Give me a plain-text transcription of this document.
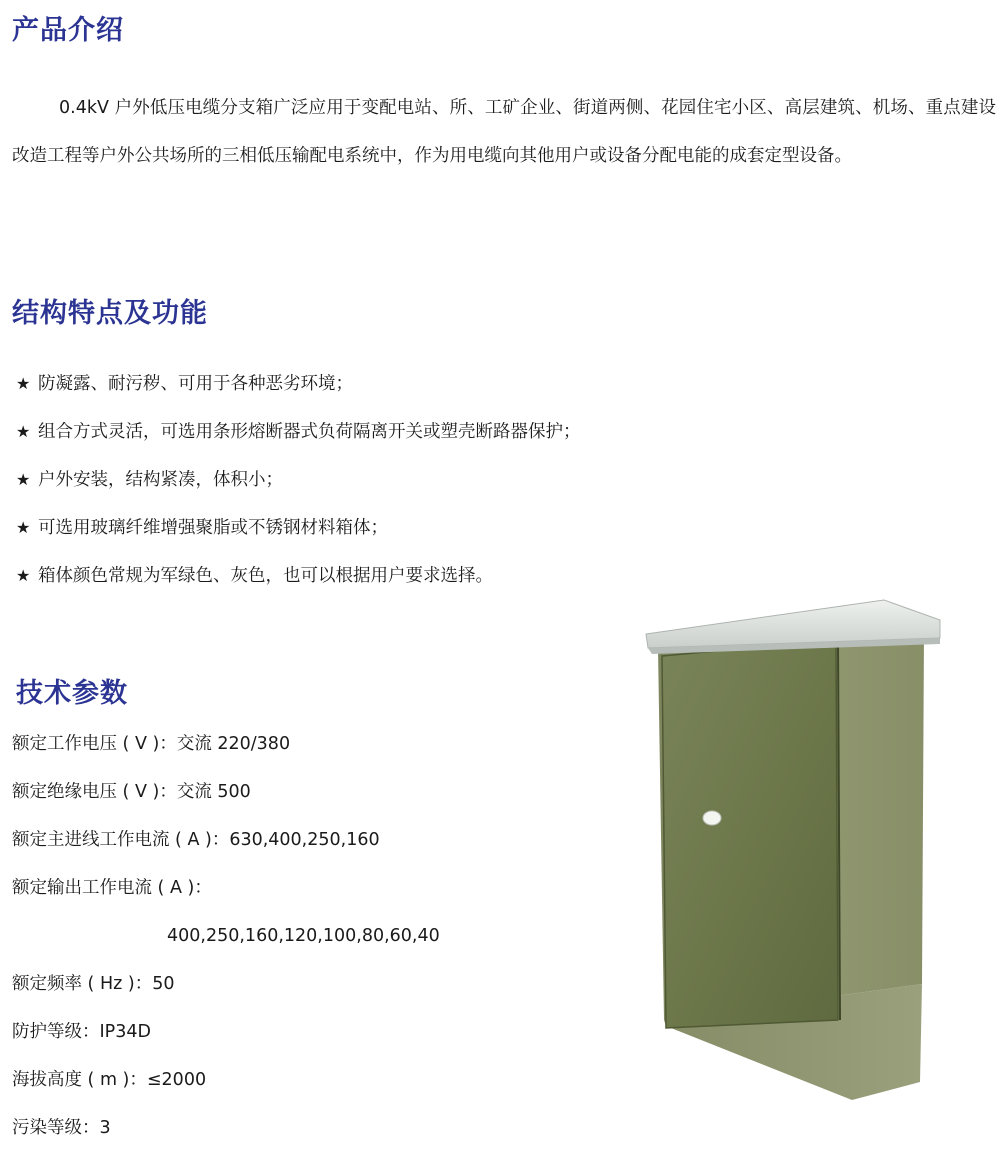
产品介绍

0.4kV 户外低压电缆分支箱广泛应用于变配电站、所、工矿企业、街道两侧、花园住宅小区、高层建筑、机场、重点建设改造工程等户外公共场所的三相低压输配电系统中，作为用电缆向其他用户或设备分配电能的成套定型设备。

结构特点及功能
★ 防凝露、耐污秽、可用于各种恶劣环境；
★ 组合方式灵活，可选用条形熔断器式负荷隔离开关或塑壳断路器保护；
★ 户外安装，结构紧凑，体积小；
★ 可选用玻璃纤维增强聚脂或不锈钢材料箱体；
★ 箱体颜色常规为军绿色、灰色，也可以根据用户要求选择。
技术参数
额定工作电压 ( V )：交流 220/380
额定绝缘电压 ( V )：交流 500
额定主进线工作电流 ( A )：630,400,250,160
额定输出工作电流 ( A )：
400,250,160,120,100,80,60,40
额定频率 ( Hz )：50
防护等级：IP34D
海拔高度 ( m )：≤2000
污染等级：3
